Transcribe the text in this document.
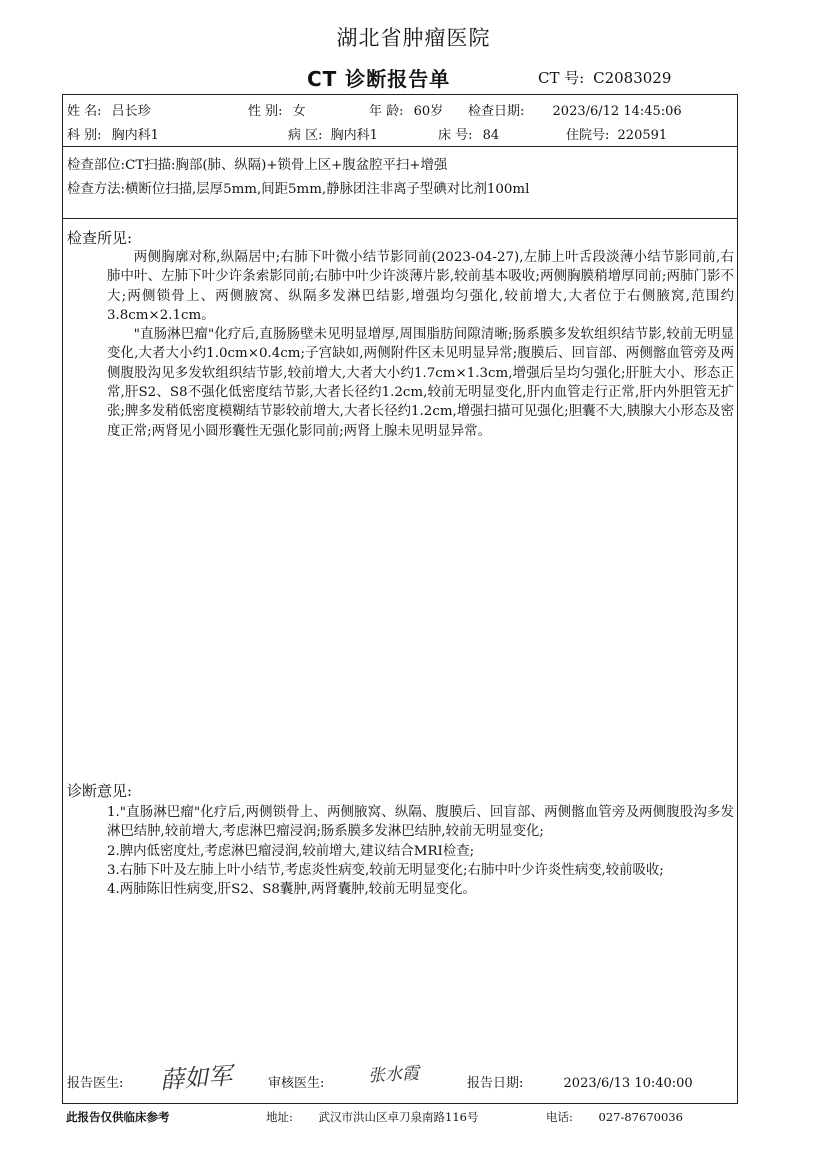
湖北省肿瘤医院
CT 诊断报告单	CT 号: C2083029
姓 名: 吕长珍	性 别: 女	年 龄: 60岁 检查日期: 2023/6/12 14:45:06
科 别: 胸内科1	病 区: 胸内科1	床 号: 84	住院号: 220591
检查部位:CT扫描:胸部(肺、纵隔)+锁骨上区+腹盆腔平扫+增强
检查方法:横断位扫描,层厚5mm,间距5mm,静脉团注非离子型碘对比剂100ml
检查所见:
两侧胸廓对称,纵隔居中;右肺下叶微小结节影同前(2023-04-27),左肺上叶舌段淡薄小结节影同前,右肺中叶、左肺下叶少许条索影同前;右肺中叶少许淡薄片影,较前基本吸收;两侧胸膜稍增厚同前;两肺门影不大;两侧锁骨上、两侧腋窝、纵隔多发淋巴结影,增强均匀强化,较前增大,大者位于右侧腋窝,范围约3.8cm×2.1cm。
"直肠淋巴瘤"化疗后,直肠肠壁未见明显增厚,周围脂肪间隙清晰;肠系膜多发软组织结节影,较前无明显变化,大者大小约1.0cm×0.4cm;子宫缺如,两侧附件区未见明显异常;腹膜后、回盲部、两侧髂血管旁及两侧腹股沟见多发软组织结节影,较前增大,大者大小约1.7cm×1.3cm,增强后呈均匀强化;肝脏大小、形态正常,肝S2、S8不强化低密度结节影,大者长径约1.2cm,较前无明显变化,肝内血管走行正常,肝内外胆管无扩张;脾多发稍低密度模糊结节影较前增大,大者长径约1.2cm,增强扫描可见强化;胆囊不大,胰腺大小形态及密度正常;两肾见小圆形囊性无强化影同前;两肾上腺未见明显异常。
诊断意见:

1."直肠淋巴瘤"化疗后,两侧锁骨上、两侧腋窝、纵隔、腹膜后、回盲部、两侧髂血管旁及两侧腹股沟多发淋巴结肿,较前增大,考虑淋巴瘤浸润;肠系膜多发淋巴结肿,较前无明显变化;

2.脾内低密度灶,考虑淋巴瘤浸润,较前增大,建议结合MRI检查;

3.右肺下叶及左肺上叶小结节,考虑炎性病变,较前无明显变化;右肺中叶少许炎性病变,较前吸收;

4.两肺陈旧性病变,肝S2、S8囊肿,两肾囊肿,较前无明显变化。

报告医生: 薛如军	审核医生:	张水霞	报告日期:	2023/6/13 10:40:00
此报告仅供临床参考	地址: 武汉市洪山区卓刀泉南路116号	电话: 027-87670036
